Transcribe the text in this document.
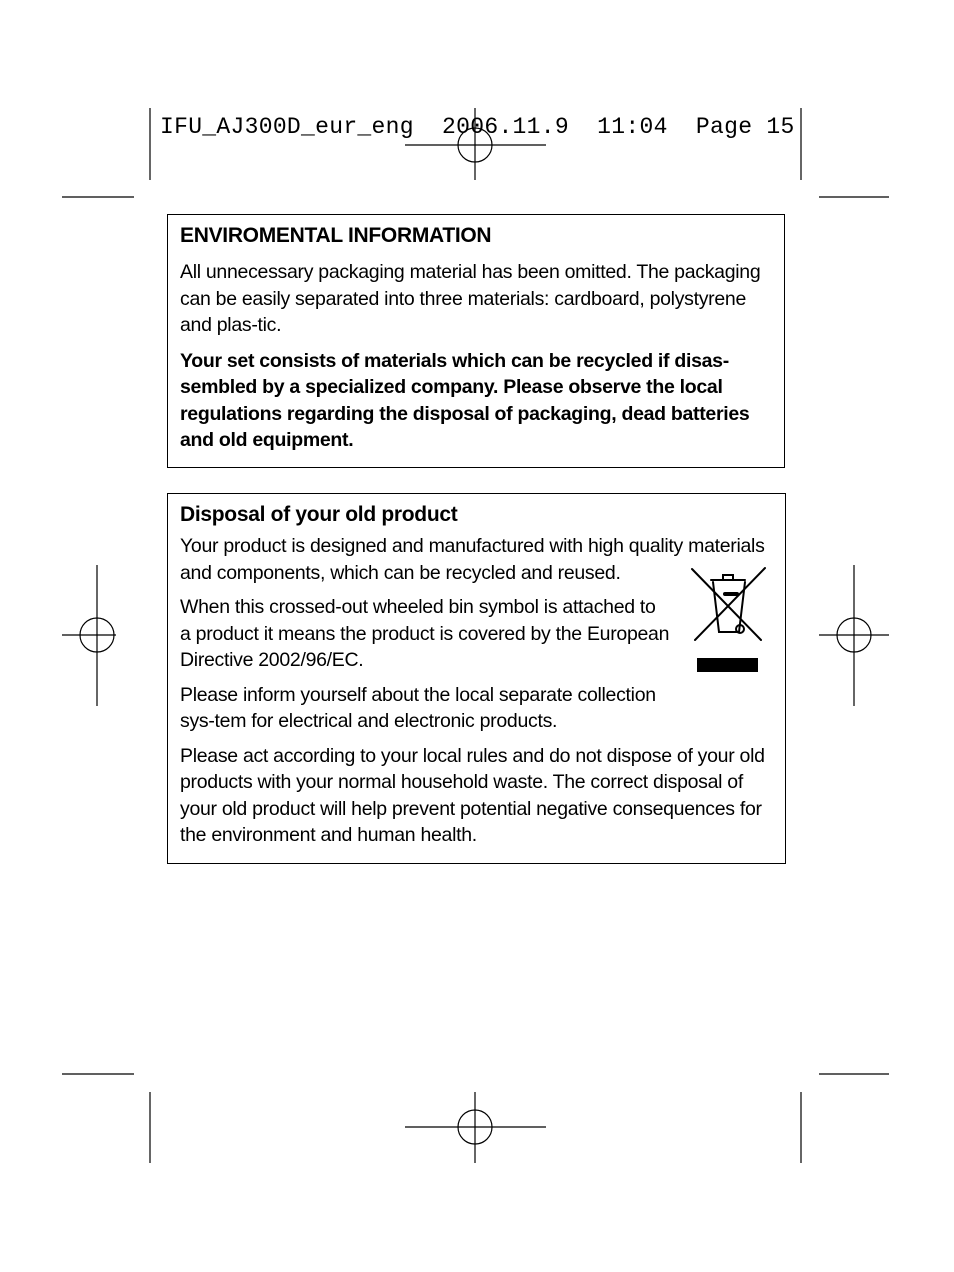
IFU_AJ300D_eur_eng  2006.11.9  11:04  Page 15
ENVIROMENTAL INFORMATION

All unnecessary packaging material has been omitted. The packaging can be easily separated into three materials: cardboard, polystyrene and plas-tic.

Your set consists of materials which can be recycled if disas-sembled by a specialized company. Please observe the local regulations regarding the disposal of packaging, dead batteries and old equipment.

Disposal of your old product

Your product is designed and manufactured with high quality materials and components, which can be recycled and reused.

When this crossed-out wheeled bin symbol is attached to a product it means the product is covered by the European Directive 2002/96/EC.

Please inform yourself about the local separate collection sys-tem for electrical and electronic products.

Please act according to your local rules and do not dispose of your old products with your normal household waste. The correct disposal of your old product will help prevent potential negative consequences for the environment and human health.
